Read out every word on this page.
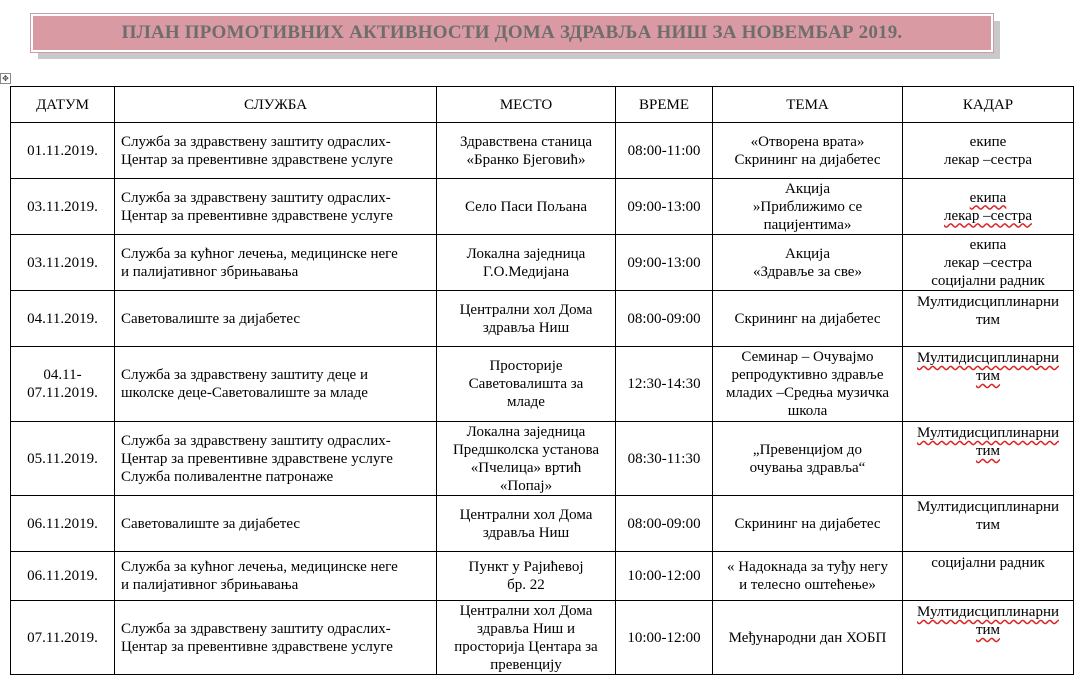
ПЛАН ПРОМОТИВНИХ АКТИВНОСТИ ДОМА ЗДРАВЉА НИШ ЗА НОВЕМБАР 2019.
✥
ДАТУМ	СЛУЖБА	МЕСТО	ВРЕМЕ	ТЕМА	КАДАР
01.11.2019.	Служба за здравствену заштиту одраслих-
Центар за превентивне здравствене услуге	Здравствена станица
«Бранко Бјеговић»	08:00-11:00	«Отворена врата»
Скрининг на дијабетес	екипе
лекар –сестра

03.11.2019.	Служба за здравствену заштиту одраслих-
Центар за превентивне здравствене услуге	Село Паси Пољана	09:00-13:00	Акција
»Приближимо се
пацијентима»	екипа
лекар –сестра

03.11.2019.	Служба за кућног лечења, медицинске неге
и палијативног збрињавања	Локална заједница
Г.О.Медијана	09:00-13:00	Акција
«Здравље за све»	екипа
лекар –сестра
социјални радник

04.11.2019.	Саветовалиште за дијабетес	Централни хол Дома
здравља Ниш	08:00-09:00	Скрининг на дијабетес	Мултидисциплинарни
тим

04.11-
07.11.2019.	Служба за здравствену заштиту деце и
школске деце-Саветовалиште за младе	Просторије
Саветовалишта за
младе	12:30-14:30	Семинар – Очувајмо
репродуктивно здравље
младих –Средња музичка
школа	Мултидисциплинарни
тим

05.11.2019.	Служба за здравствену заштиту одраслих-
Центар за превентивне здравствене услуге
Служба поливалентне патронаже	Локална заједница
Предшколска установа
«Пчелица» вртић
«Попај»	08:30-11:30	„Превенцијом до
очувања здравља“	Мултидисциплинарни
тим

06.11.2019.	Саветовалиште за дијабетес	Централни хол Дома
здравља Ниш	08:00-09:00	Скрининг на дијабетес	Мултидисциплинарни
тим

06.11.2019.	Служба за кућног лечења, медицинске неге
и палијативног збрињавања	Пункт у Рајићевој
бр. 22	10:00-12:00	« Надокнада за туђу негу
и телесно оштећење»	социјални радник

07.11.2019.	Служба за здравствену заштиту одраслих-
Центар за превентивне здравствене услуге	Централни хол Дома
здравља Ниш и
просторија Центара за
превенцију	10:00-12:00	Међународни дан ХОБП	Мултидисциплинарни
тим
